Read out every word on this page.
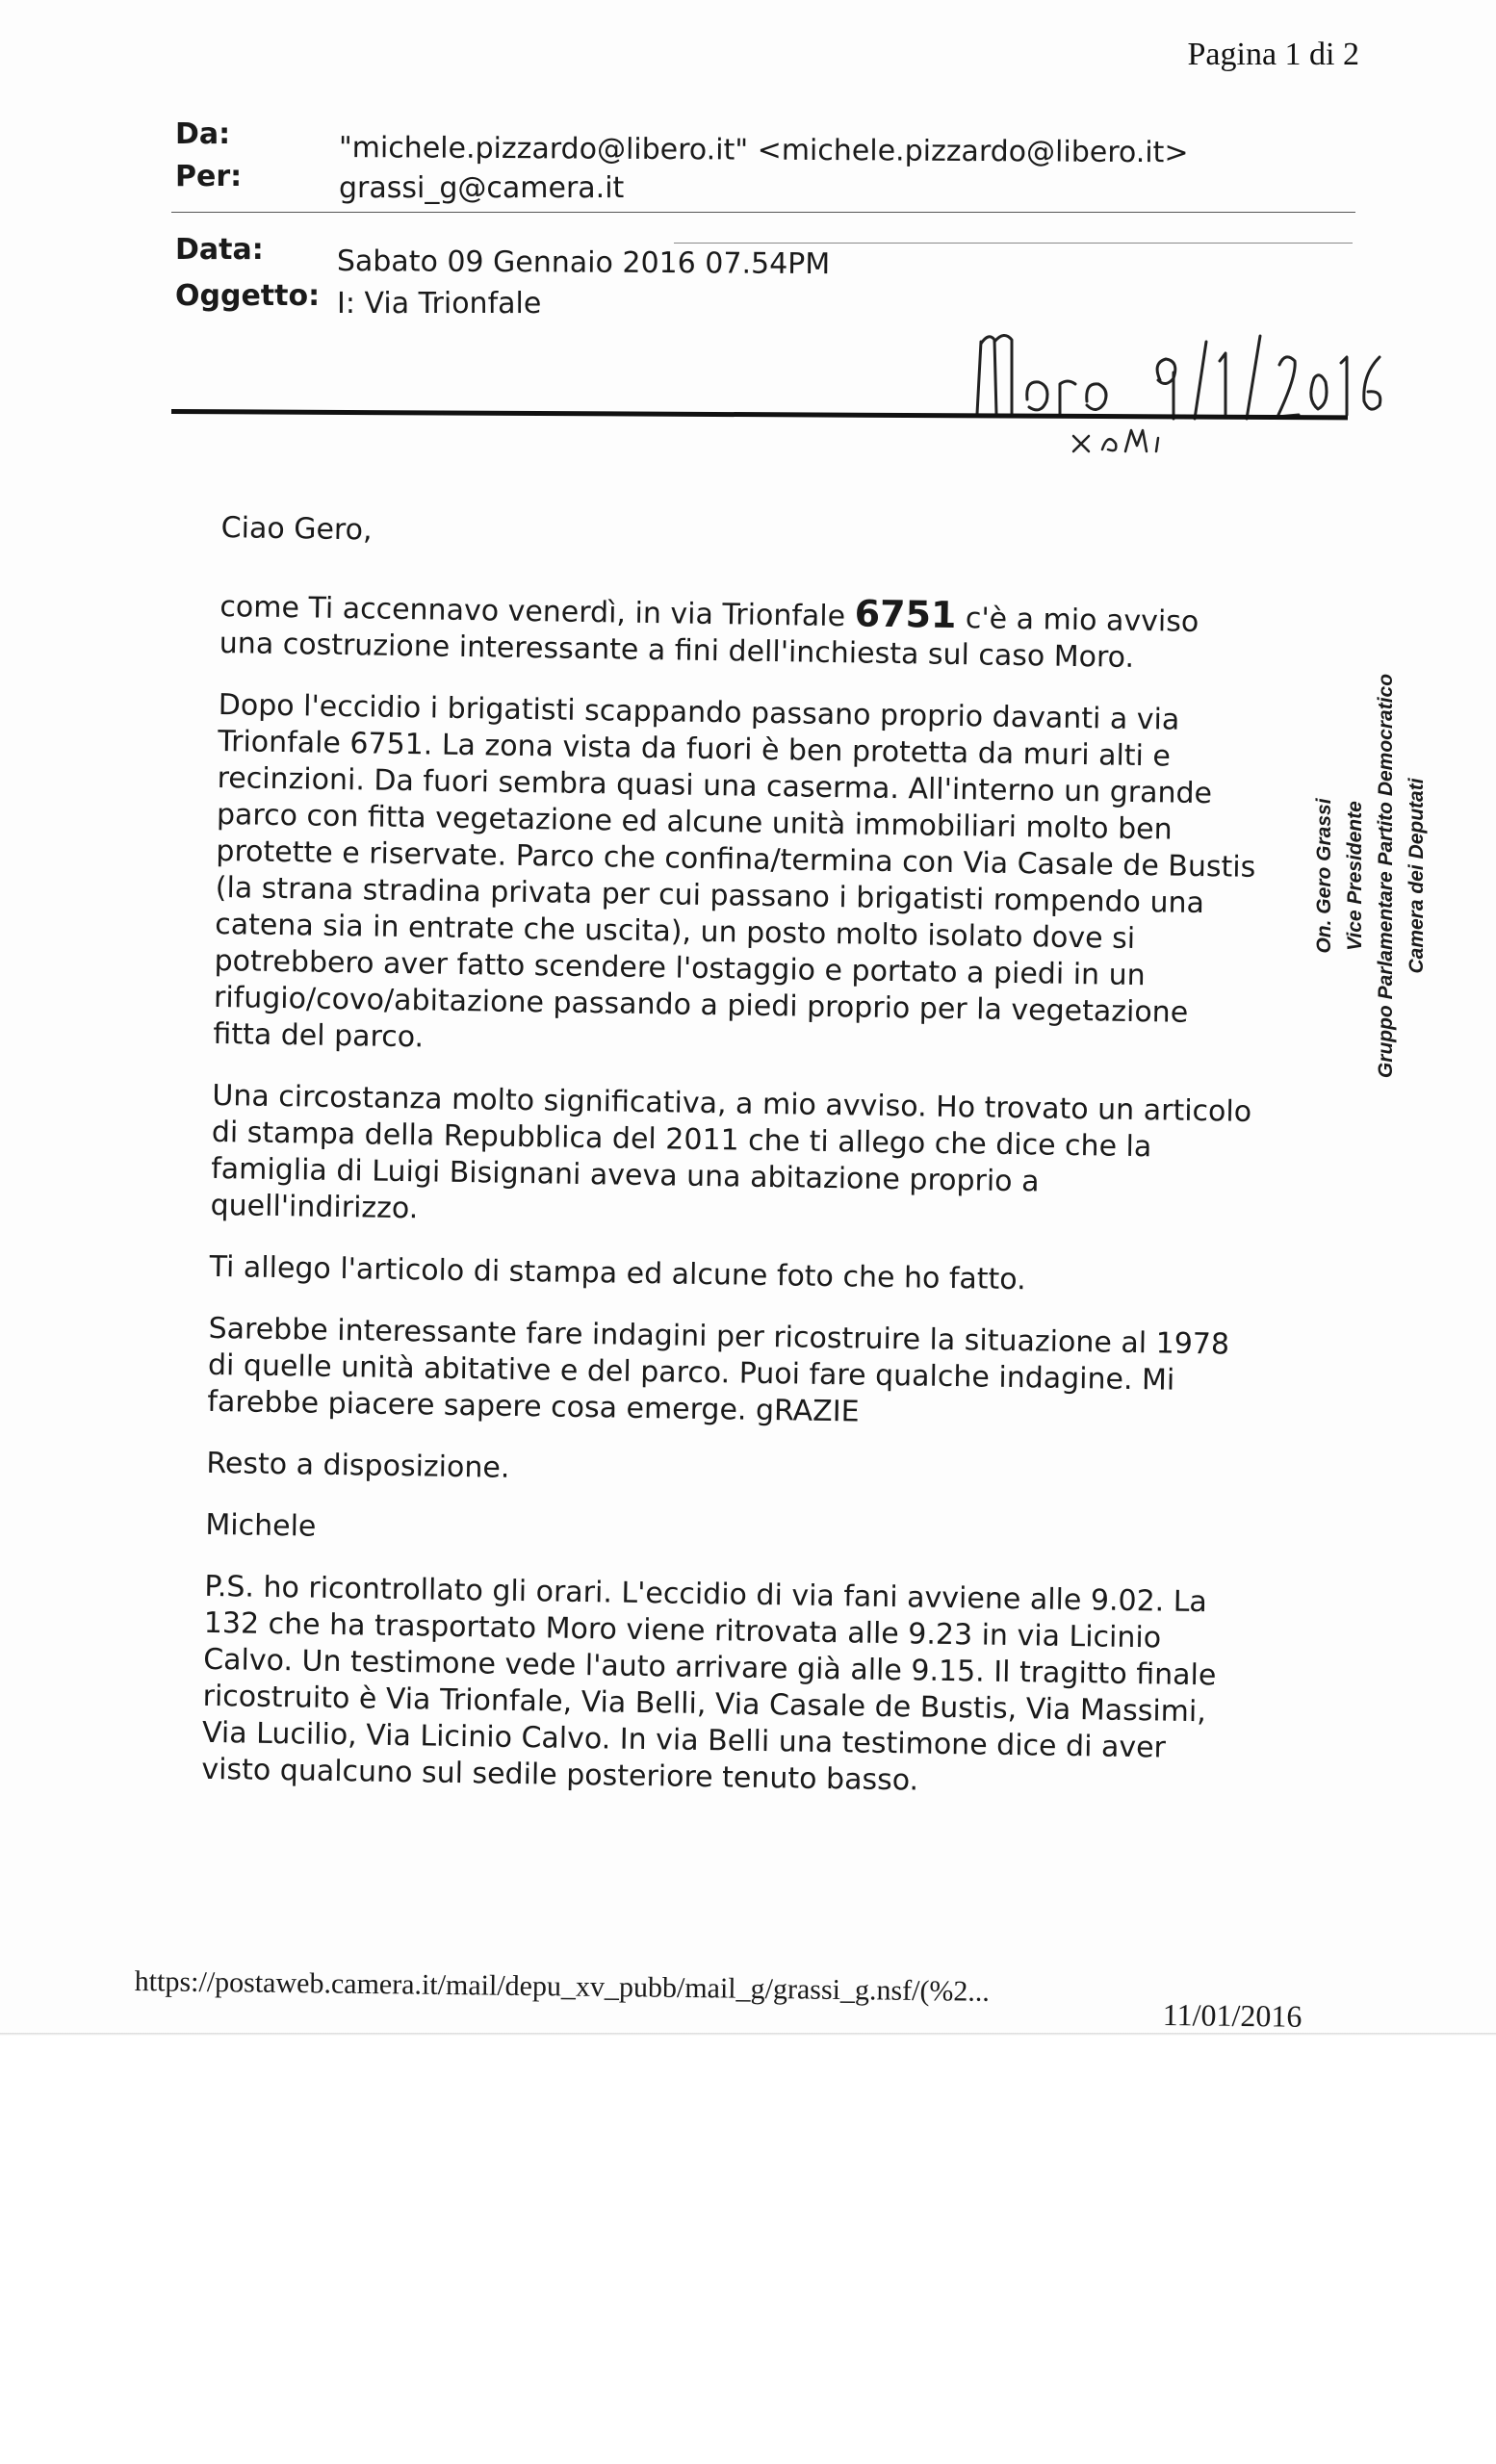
Pagina 1 di 2
Da:	"michele.pizzardo@libero.it" <michele.pizzardo@libero.it>
Per:	grassi_g@camera.it
Data:	Sabato 09 Gennaio 2016 07.54PM
Oggetto: I: Via Trionfale

Ciao Gero,

come Ti accennavo venerdì, in via Trionfale 6751 c'è a mio avviso una costruzione interessante a fini dell'inchiesta sul caso Moro.

Dopo l'eccidio i brigatisti scappando passano proprio davanti a via Trionfale 6751. La zona vista da fuori è ben protetta da muri alti e recinzioni. Da fuori sembra quasi una caserma. All'interno un grande parco con fitta vegetazione ed alcune unità immobiliari molto ben protette e riservate. Parco che confina/termina con Via Casale de Bustis (la strana stradina privata per cui passano i brigatisti rompendo una catena sia in entrate che uscita), un posto molto isolato dove si potrebbero aver fatto scendere l'ostaggio e portato a piedi in un rifugio/covo/abitazione passando a piedi proprio per la vegetazione fitta del parco.

Una circostanza molto significativa, a mio avviso. Ho trovato un articolo di stampa della Repubblica del 2011 che ti allego che dice che la famiglia di Luigi Bisignani aveva una abitazione proprio a quell'indirizzo.

Ti allego l'articolo di stampa ed alcune foto che ho fatto.

Sarebbe interessante fare indagini per ricostruire la situazione al 1978 di quelle unità abitative e del parco. Puoi fare qualche indagine. Mi farebbe piacere sapere cosa emerge. gRAZIE

Resto a disposizione.

Michele

P.S. ho ricontrollato gli orari. L'eccidio di via fani avviene alle 9.02. La 132 che ha trasportato Moro viene ritrovata alle 9.23 in via Licinio Calvo. Un testimone vede l'auto arrivare già alle 9.15. Il tragitto finale ricostruito è Via Trionfale, Via Belli, Via Casale de Bustis, Via Massimi, Via Lucilio, Via Licinio Calvo. In via Belli una testimone dice di aver visto qualcuno sul sedile posteriore tenuto basso.

On. Gero Grassi Vice Presidente Gruppo Parlamentare Partito Democratico Camera dei Deputati
https://postaweb.camera.it/mail/depu_xv_pubb/mail_g/grassi_g.nsf/(%2...
11/01/2016
